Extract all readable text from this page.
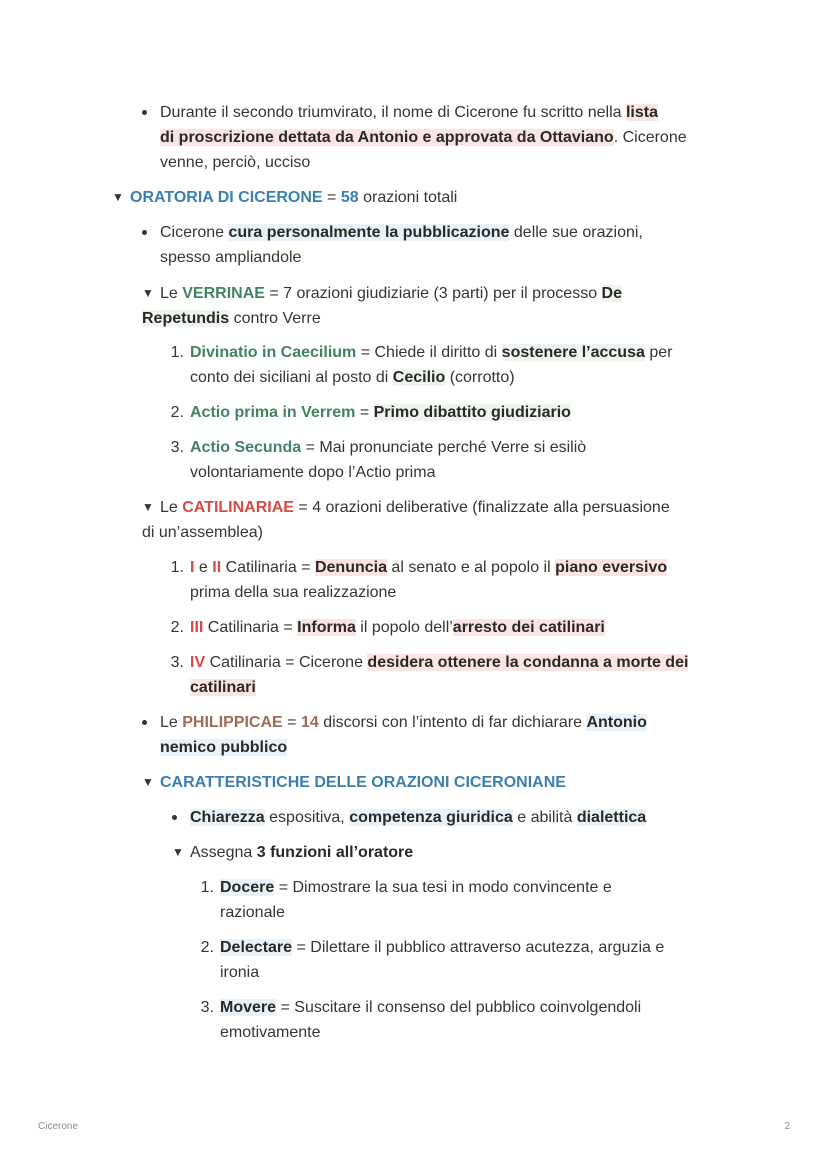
Durante il secondo triumvirato, il nome di Cicerone fu scritto nella lista
di proscrizione dettata da Antonio e approvata da Ottaviano. Cicerone
venne, perciò, ucciso
▼ ORATORIA DI CICERONE = 58 orazioni totali
Cicerone cura personalmente la pubblicazione delle sue orazioni,
spesso ampliandole
▼ Le VERRINAE = 7 orazioni giudiziarie (3 parti) per il processo De
Repetundis contro Verre
1. Divinatio in Caecilium = Chiede il diritto di sostenere l’accusa per
conto dei siciliani al posto di Cecilio (corrotto)
2. Actio prima in Verrem = Primo dibattito giudiziario
3. Actio Secunda = Mai pronunciate perché Verre si esiliò
volontariamente dopo l’Actio prima
▼ Le CATILINARIAE = 4 orazioni deliberative (finalizzate alla persuasione
di un’assemblea)
1. I e II Catilinaria = Denuncia al senato e al popolo il piano eversivo
prima della sua realizzazione
2. III Catilinaria = Informa il popolo dell’arresto dei catilinari
3. IV Catilinaria = Cicerone desidera ottenere la condanna a morte dei
catilinari
Le PHILIPPICAE = 14 discorsi con l’intento di far dichiarare Antonio
nemico pubblico
▼ CARATTERISTICHE DELLE ORAZIONI CICERONIANE
Chiarezza espositiva, competenza giuridica e abilità dialettica
▼ Assegna 3 funzioni all’oratore
1. Docere = Dimostrare la sua tesi in modo convincente e
razionale
2. Delectare = Dilettare il pubblico attraverso acutezza, arguzia e
ironia
3. Movere = Suscitare il consenso del pubblico coinvolgendoli
emotivamente
Cicerone	2
